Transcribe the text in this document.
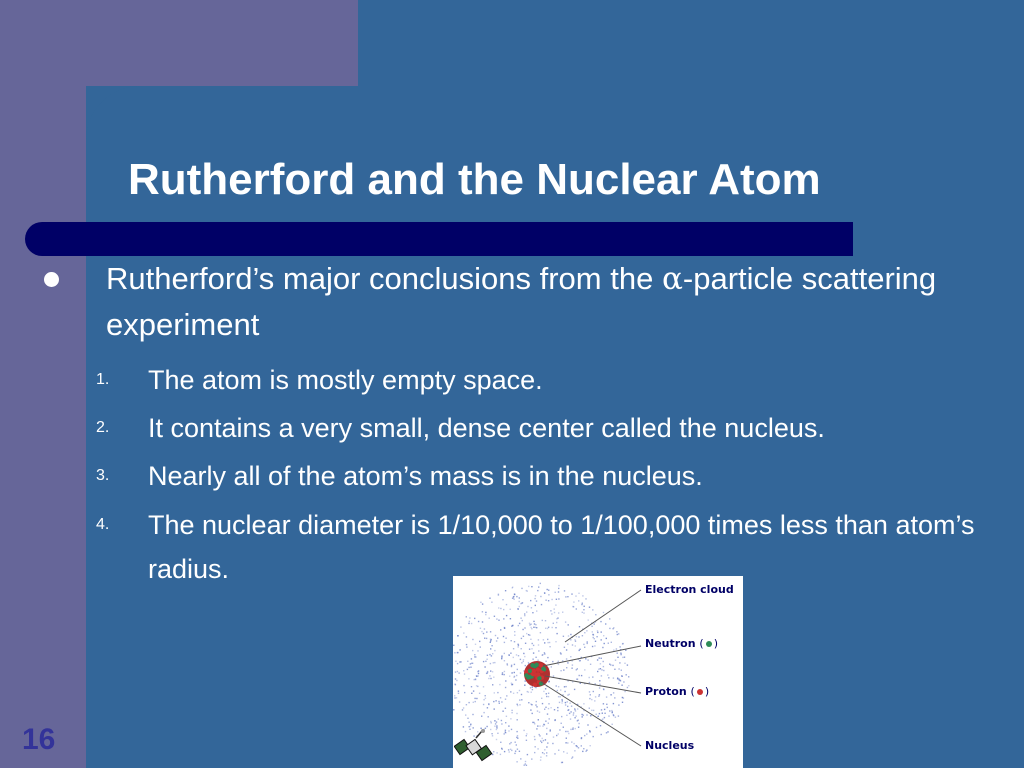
Rutherford and the Nuclear Atom
Rutherford’s major conclusions from the α-particle scattering experiment
1. The atom is mostly empty space.
2. It contains a very small, dense center called the nucleus.
3. Nearly all of the atom’s mass is in the nucleus.
4. The nuclear diameter is 1/10,000 to 1/100,000 times less than atom’s radius.
16
Electron cloud
Neutron ( )
Proton ( )
Nucleus
